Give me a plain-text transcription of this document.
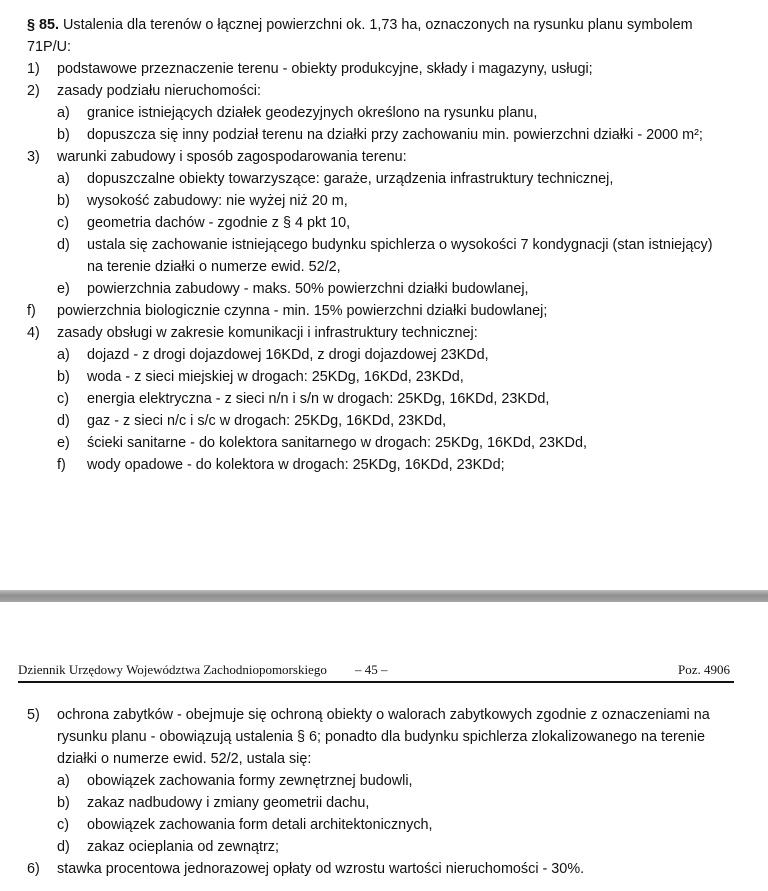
§ 85. Ustalenia dla terenów o łącznej powierzchni ok. 1,73 ha, oznaczonych na rysunku planu symbolem
71P/U:
1) podstawowe przeznaczenie terenu - obiekty produkcyjne, składy i magazyny, usługi;
2) zasady podziału nieruchomości:
a) granice istniejących działek geodezyjnych określono na rysunku planu,
b) dopuszcza się inny podział terenu na działki przy zachowaniu min. powierzchni działki - 2000 m²;
3) warunki zabudowy i sposób zagospodarowania terenu:
a) dopuszczalne obiekty towarzyszące: garaże, urządzenia infrastruktury technicznej,
b) wysokość zabudowy: nie wyżej niż 20 m,
c) geometria dachów - zgodnie z § 4 pkt 10,
d) ustala się zachowanie istniejącego budynku spichlerza o wysokości 7 kondygnacji (stan istniejący)
na terenie działki o numerze ewid. 52/2,
e) powierzchnia zabudowy - maks. 50% powierzchni działki budowlanej,
f) powierzchnia biologicznie czynna - min. 15% powierzchni działki budowlanej;
4) zasady obsługi w zakresie komunikacji i infrastruktury technicznej:
a) dojazd - z drogi dojazdowej 16KDd, z drogi dojazdowej 23KDd,
b) woda - z sieci miejskiej w drogach: 25KDg, 16KDd, 23KDd,
c) energia elektryczna - z sieci n/n i s/n w drogach: 25KDg, 16KDd, 23KDd,
d) gaz - z sieci n/c i s/c w drogach: 25KDg, 16KDd, 23KDd,
e) ścieki sanitarne - do kolektora sanitarnego w drogach: 25KDg, 16KDd, 23KDd,
f) wody opadowe - do kolektora w drogach: 25KDg, 16KDd, 23KDd;
Dziennik Urzędowy Województwa Zachodniopomorskiego – 45 –	Poz. 4906
5) ochrona zabytków - obejmuje się ochroną obiekty o walorach zabytkowych zgodnie z oznaczeniami na
rysunku planu - obowiązują ustalenia § 6; ponadto dla budynku spichlerza zlokalizowanego na terenie
działki o numerze ewid. 52/2, ustala się:
a) obowiązek zachowania formy zewnętrznej budowli,
b) zakaz nadbudowy i zmiany geometrii dachu,
c) obowiązek zachowania form detali architektonicznych,
d) zakaz ocieplania od zewnątrz;
6) stawka procentowa jednorazowej opłaty od wzrostu wartości nieruchomości - 30%.
